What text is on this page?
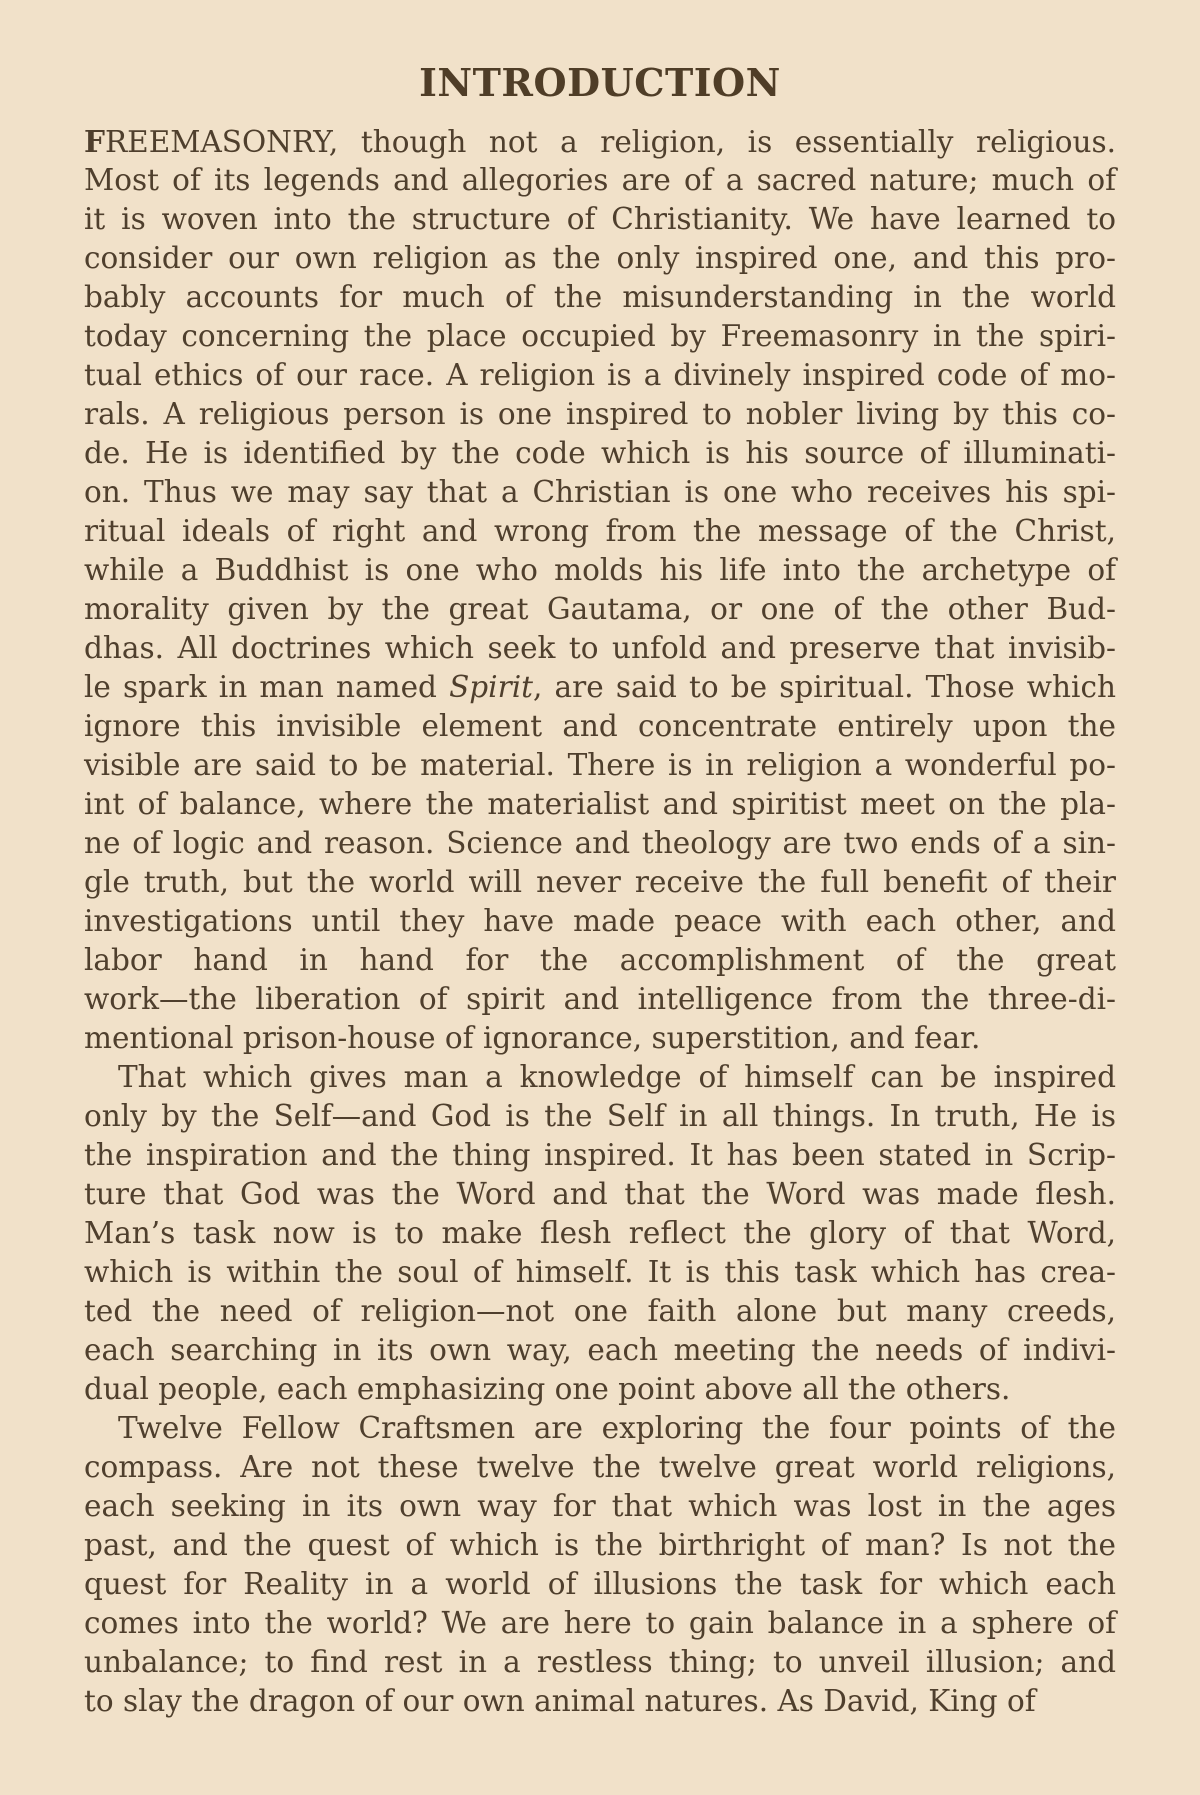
INTRODUCTION
FREEMASONRY, though not a religion, is essentially religious.
Most of its legends and allegories are of a sacred nature; much of
it is woven into the structure of Christianity. We have learned to
consider our own religion as the only inspired one, and this pro-
bably accounts for much of the misunderstanding in the world
today concerning the place occupied by Freemasonry in the spiri-
tual ethics of our race. A religion is a divinely inspired code of mo-
rals. A religious person is one inspired to nobler living by this co-
de. He is identified by the code which is his source of illuminati-
on. Thus we may say that a Christian is one who receives his spi-
ritual ideals of right and wrong from the message of the Christ,
while a Buddhist is one who molds his life into the archetype of
morality given by the great Gautama, or one of the other Bud-
dhas. All doctrines which seek to unfold and preserve that invisib-
le spark in man named Spirit, are said to be spiritual. Those which
ignore this invisible element and concentrate entirely upon the
visible are said to be material. There is in religion a wonderful po-
int of balance, where the materialist and spiritist meet on the pla-
ne of logic and reason. Science and theology are two ends of a sin-
gle truth, but the world will never receive the full benefit of their
investigations until they have made peace with each other, and
labor hand in hand for the accomplishment of the great
work—the liberation of spirit and intelligence from the three-di-
mentional prison-house of ignorance, superstition, and fear.
That which gives man a knowledge of himself can be inspired
only by the Self—and God is the Self in all things. In truth, He is
the inspiration and the thing inspired. It has been stated in Scrip-
ture that God was the Word and that the Word was made flesh.
Man’s task now is to make flesh reflect the glory of that Word,
which is within the soul of himself. It is this task which has crea-
ted the need of religion—not one faith alone but many creeds,
each searching in its own way, each meeting the needs of indivi-
dual people, each emphasizing one point above all the others.
Twelve Fellow Craftsmen are exploring the four points of the
compass. Are not these twelve the twelve great world religions,
each seeking in its own way for that which was lost in the ages
past, and the quest of which is the birthright of man? Is not the
quest for Reality in a world of illusions the task for which each
comes into the world? We are here to gain balance in a sphere of
unbalance; to find rest in a restless thing; to unveil illusion; and
to slay the dragon of our own animal natures. As David, King of
